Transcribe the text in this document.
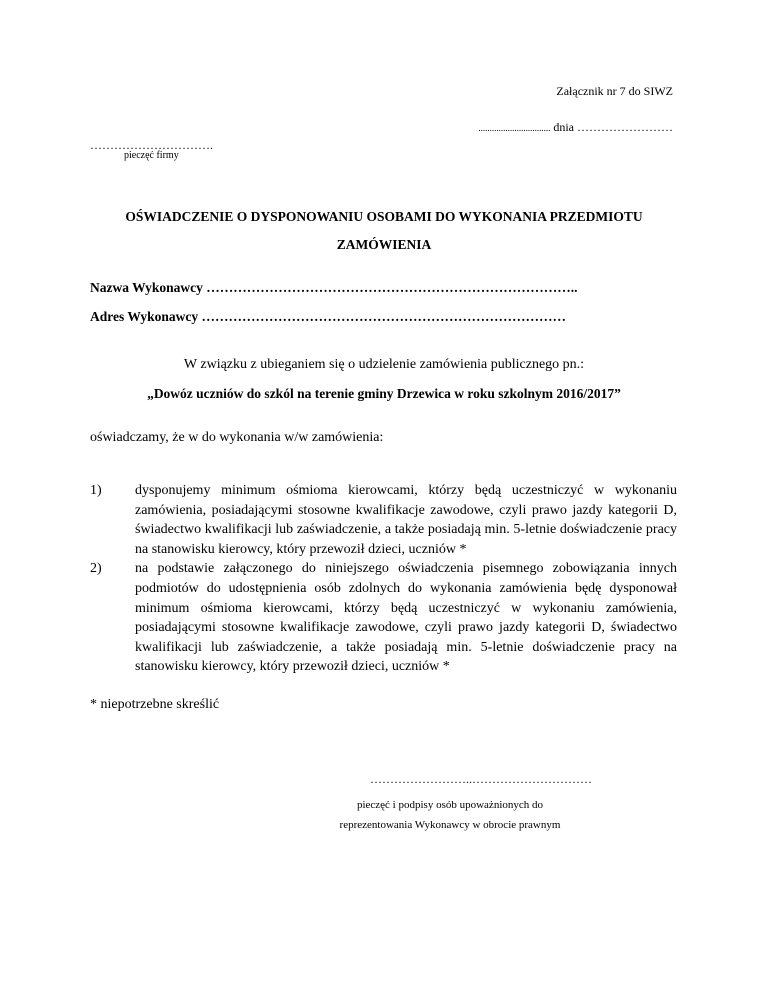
Załącznik nr 7 do SIWZ
................................ dnia ……………………
………………………….
pieczęć firmy
OŚWIADCZENIE O DYSPONOWANIU OSOBAMI DO WYKONANIA PRZEDMIOTU ZAMÓWIENIA
Nazwa Wykonawcy ………………………………………………………………………..
Adres Wykonawcy ………………………………………………………………………
W związku z ubieganiem się o udzielenie zamówienia publicznego pn.:
„Dowóz uczniów do szkól na terenie gminy Drzewica w roku szkolnym 2016/2017”
oświadczamy, że w do wykonania w/w zamówienia:
1) dysponujemy minimum ośmioma kierowcami, którzy będą uczestniczyć w wykonaniu zamówienia, posiadającymi stosowne kwalifikacje zawodowe, czyli prawo jazdy kategorii D, świadectwo kwalifikacji lub zaświadczenie, a także posiadają min. 5-letnie doświadczenie pracy na stanowisku kierowcy, który przewoził dzieci, uczniów *
2) na podstawie załączonego do niniejszego oświadczenia pisemnego zobowiązania innych podmiotów do udostępnienia osób zdolnych do wykonania zamówienia będę dysponował minimum ośmioma kierowcami, którzy będą uczestniczyć w wykonaniu zamówienia, posiadającymi stosowne kwalifikacje zawodowe, czyli prawo jazdy kategorii D, świadectwo kwalifikacji lub zaświadczenie, a także posiadają min. 5-letnie doświadczenie pracy na stanowisku kierowcy, który przewoził dzieci, uczniów *
* niepotrzebne skreślić
……………………..…………………………
pieczęć i podpisy osób upoważnionych do
reprezentowania Wykonawcy w obrocie prawnym
